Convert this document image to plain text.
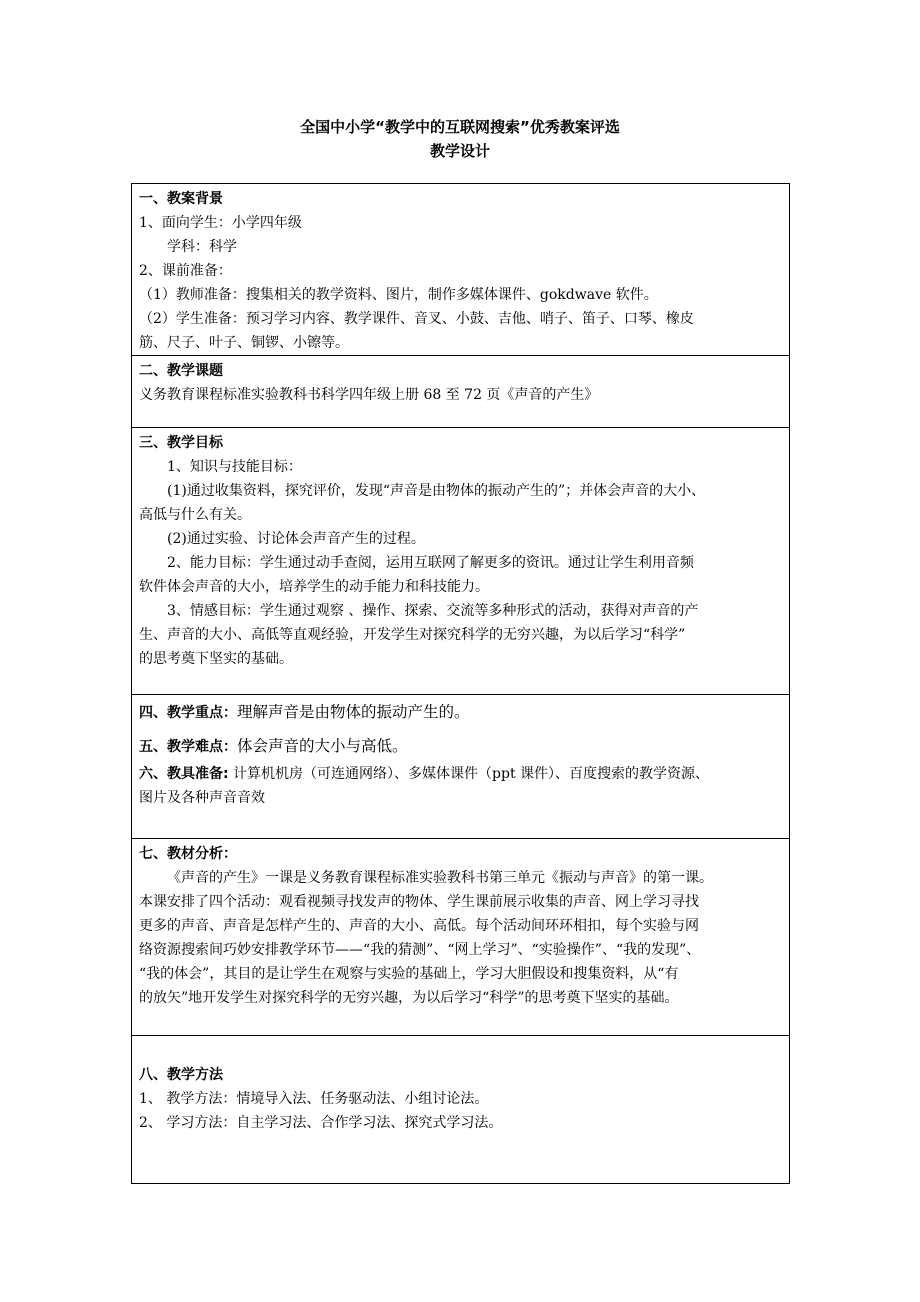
全国中小学“教学中的互联网搜索”优秀教案评选
教学设计
一、教案背景
1、面向学生：小学四年级
学科：科学
2、课前准备：
（1）教师准备：搜集相关的教学资料、图片，制作多媒体课件、gokdwave 软件。
（2）学生准备：预习学习内容、教学课件、音叉、小鼓、吉他、哨子、笛子、口琴、橡皮
筋、尺子、叶子、铜锣、小镲等。

二、教学课题
义务教育课程标准实验教科书科学四年级上册 68 至 72 页《声音的产生》

三、教学目标
1、知识与技能目标：
(1)通过收集资料，探究评价，发现“声音是由物体的振动产生的”；并体会声音的大小、
高低与什么有关。
(2)通过实验、讨论体会声音产生的过程。
2、能力目标：学生通过动手查阅，运用互联网了解更多的资讯。通过让学生利用音频
软件体会声音的大小，培养学生的动手能力和科技能力。
3、情感目标：学生通过观察 、操作、探索、交流等多种形式的活动，获得对声音的产
生、声音的大小、高低等直观经验，开发学生对探究科学的无穷兴趣，为以后学习“科学”
的思考奠下坚实的基础。

四、教学重点：理解声音是由物体的振动产生的。
五、教学难点：体会声音的大小与高低。
六、教具准备: 计算机机房（可连通网络）、多媒体课件（ppt 课件）、百度搜索的教学资源、
图片及各种声音音效

七、教材分析：
《声音的产生》一课是义务教育课程标准实验教科书第三单元《振动与声音》的第一课。
本课安排了四个活动：观看视频寻找发声的物体、学生课前展示收集的声音、网上学习寻找
更多的声音、声音是怎样产生的、声音的大小、高低。每个活动间环环相扣，每个实验与网
络资源搜索间巧妙安排教学环节——“我的猜测”、“网上学习”、“实验操作”、“我的发现”、
“我的体会”，其目的是让学生在观察与实验的基础上，学习大胆假设和搜集资料，从“有
的放矢”地开发学生对探究科学的无穷兴趣，为以后学习“科学”的思考奠下坚实的基础。

八、教学方法
1、 教学方法：情境导入法、任务驱动法、小组讨论法。
2、 学习方法：自主学习法、合作学习法、探究式学习法。
